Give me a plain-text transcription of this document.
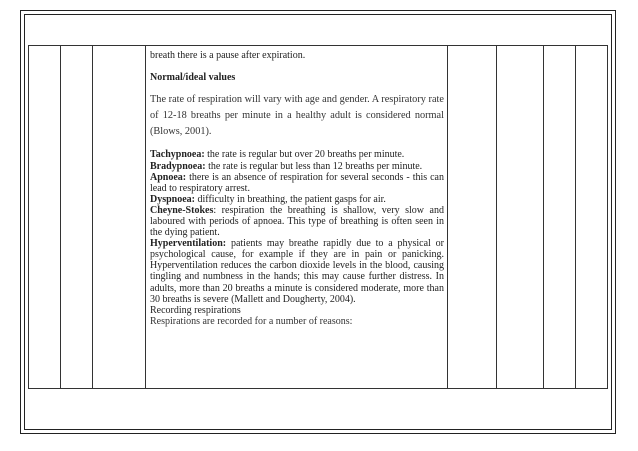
breath there is a pause after expiration.

Normal/ideal values

The rate of respiration will vary with age and gender. A respiratory rate of 12-18 breaths per minute in a healthy adult is considered normal (Blows, 2001).

Tachypnoea: the rate is regular but over 20 breaths per minute.

Bradypnoea: the rate is regular but less than 12 breaths per minute.

Apnoea: there is an absence of respiration for several seconds - this can lead to respiratory arrest.

Dyspnoea: difficulty in breathing, the patient gasps for air.

Cheyne-Stokes: respiration the breathing is shallow, very slow and laboured with periods of apnoea. This type of breathing is often seen in the dying patient.

Hyperventilation: patients may breathe rapidly due to a physical or psychological cause, for example if they are in pain or panicking. Hyperventilation reduces the carbon dioxide levels in the blood, causing tingling and numbness in the hands; this may cause further distress. In adults, more than 20 breaths a minute is considered moderate, more than 30 breaths is severe (Mallett and Dougherty, 2004).

Recording respirations

Respirations are recorded for a number of reasons:
